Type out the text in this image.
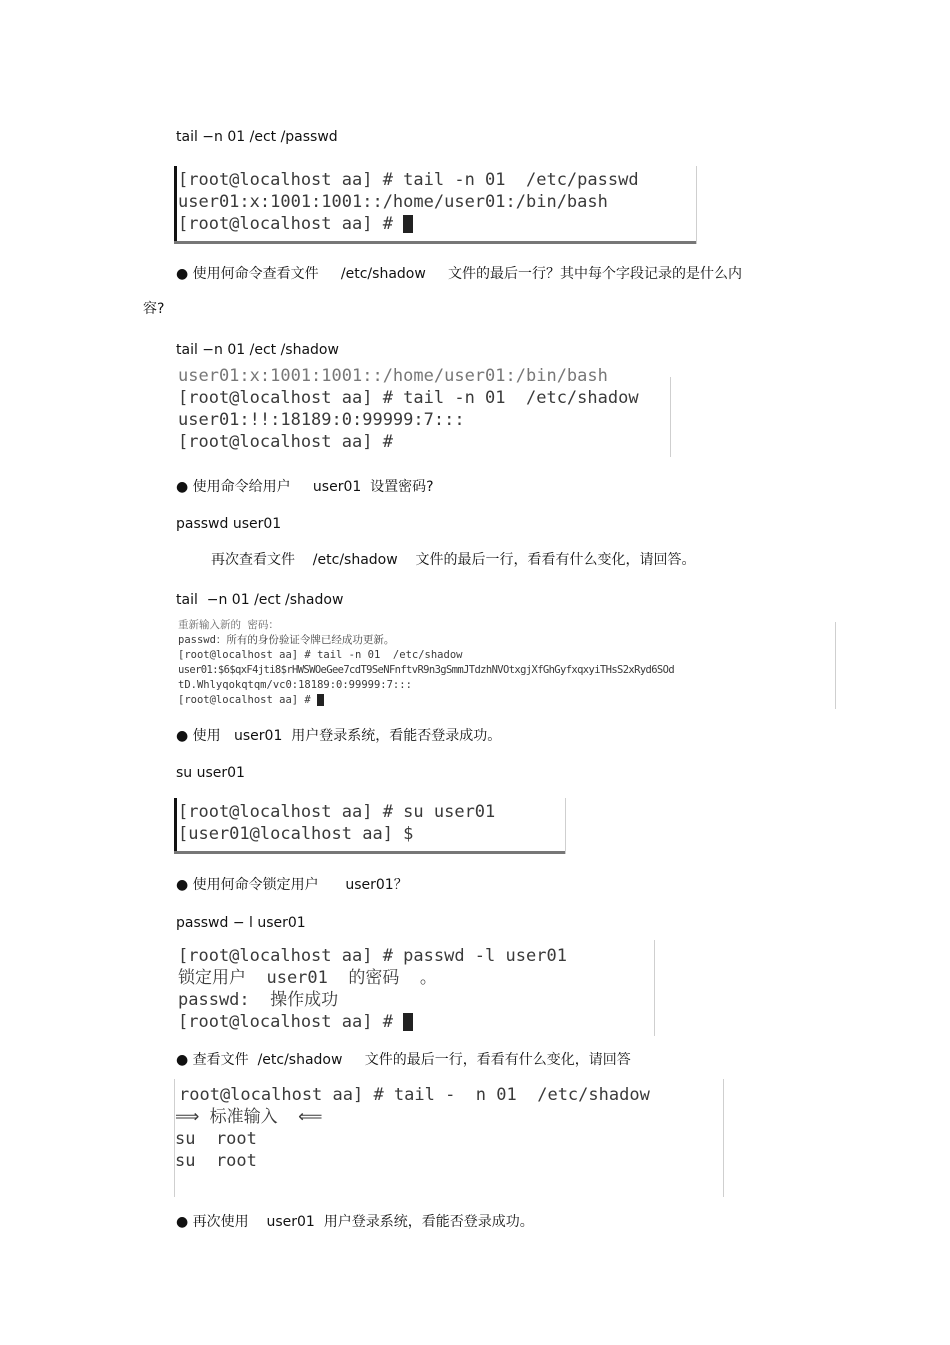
tail −n 01 /ect /passwd
[root@localhost aa] # tail -n 01  /etc/passwd
user01:x:1001:1001::/home/user01:/bin/bash
[root@localhost aa] #
● 使用何命令查看文件     /etc/shadow     文件的最后一行？其中每个字段记录的是什么内
容?
tail −n 01 /ect /shadow
user01:x:1001:1001::/home/user01:/bin/bash
[root@localhost aa] # tail -n 01  /etc/shadow
user01:!!:18189:0:99999:7:::
[root@localhost aa] #
● 使用命令给用户     user01  设置密码?
passwd user01
再次查看文件    /etc/shadow    文件的最后一行，看看有什么变化，请回答。
tail  −n 01 /ect /shadow
重新输入新的 密码：
passwd：所有的身份验证令牌已经成功更新。
[root@localhost aa] # tail -n 01  /etc/shadow
user01:$6$qxF4jti8$rHWSWOeGee7cdT9SeNFnftvR9n3gSmmJTdzhNVOtxgjXfGhGyfxqxyiTHsS2xRyd6SOd
tD.Whlyqokqtqm/vc0:18189:0:99999:7:::
[root@localhost aa] #
● 使用   user01  用户登录系统，看能否登录成功。
su user01
[root@localhost aa] # su user01
[user01@localhost aa] $
● 使用何命令锁定用户      user01？
passwd − l user01
[root@localhost aa] # passwd -l user01
锁定用户  user01  的密码  。
passwd:  操作成功
[root@localhost aa] #
● 查看文件  /etc/shadow     文件的最后一行，看看有什么变化，请回答
root@localhost aa] # tail -  n 01  /etc/shadow
⟹ 标准输入  ⟸
su  root
su  root
● 再次使用    user01  用户登录系统，看能否登录成功。
